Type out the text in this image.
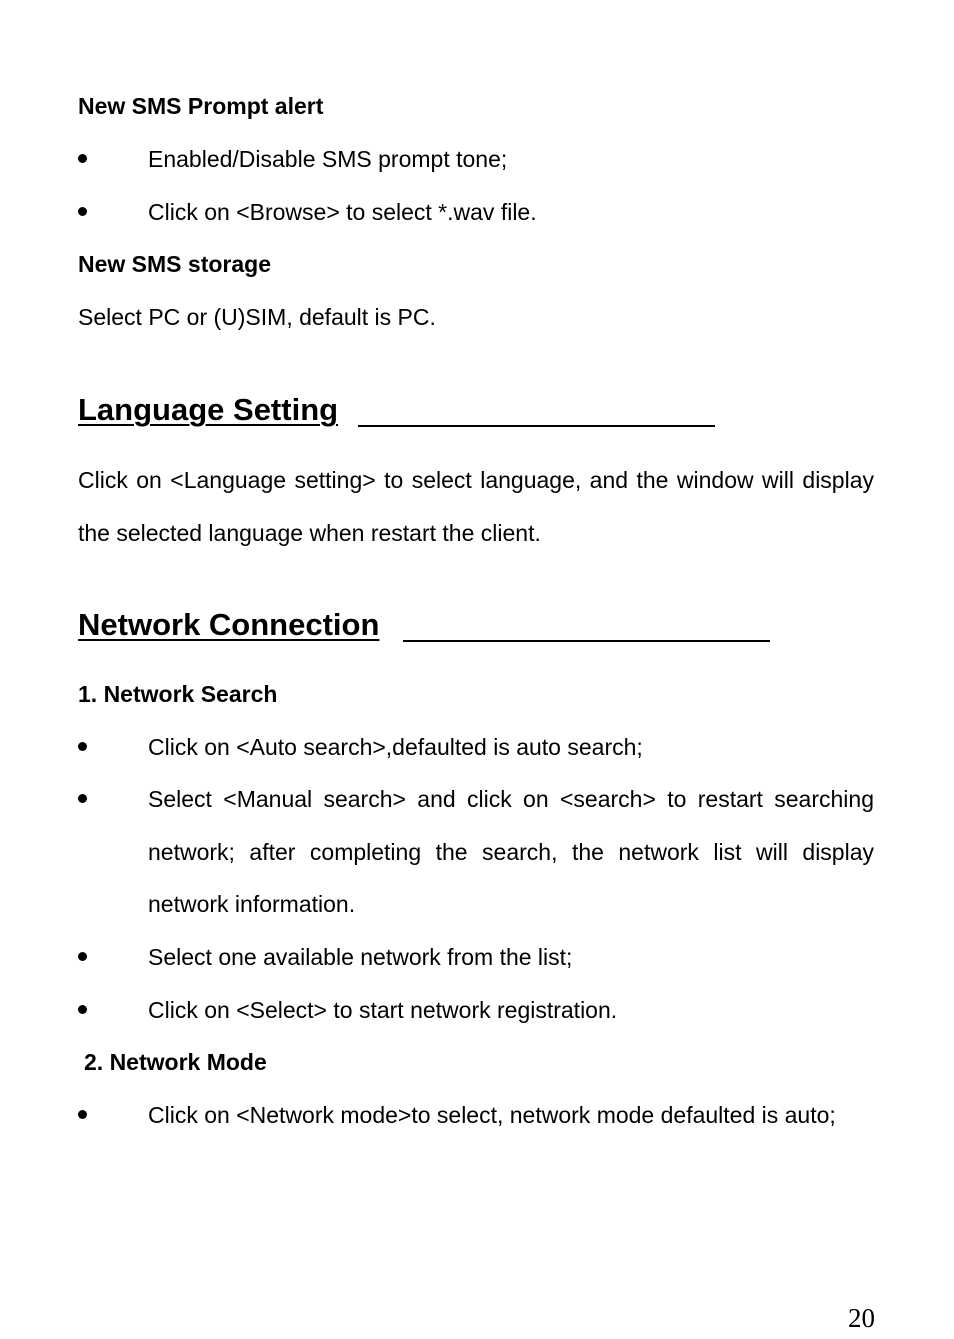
New SMS Prompt alert
Enabled/Disable SMS prompt tone;
Click on <Browse> to select *.wav file.
New SMS storage
Select PC or (U)SIM, default is PC.
Language Setting
Click on <Language setting> to select language, and the window will display the selected language when restart the client.
Network Connection
1. Network Search
Click on <Auto search>,defaulted is auto search;
Select <Manual search> and click on <search> to restart searching network; after completing the search, the network list will display network information.
Select one available network from the list;
Click on <Select> to start network registration.
2. Network Mode
Click on <Network mode>to select, network mode defaulted is auto;
20
